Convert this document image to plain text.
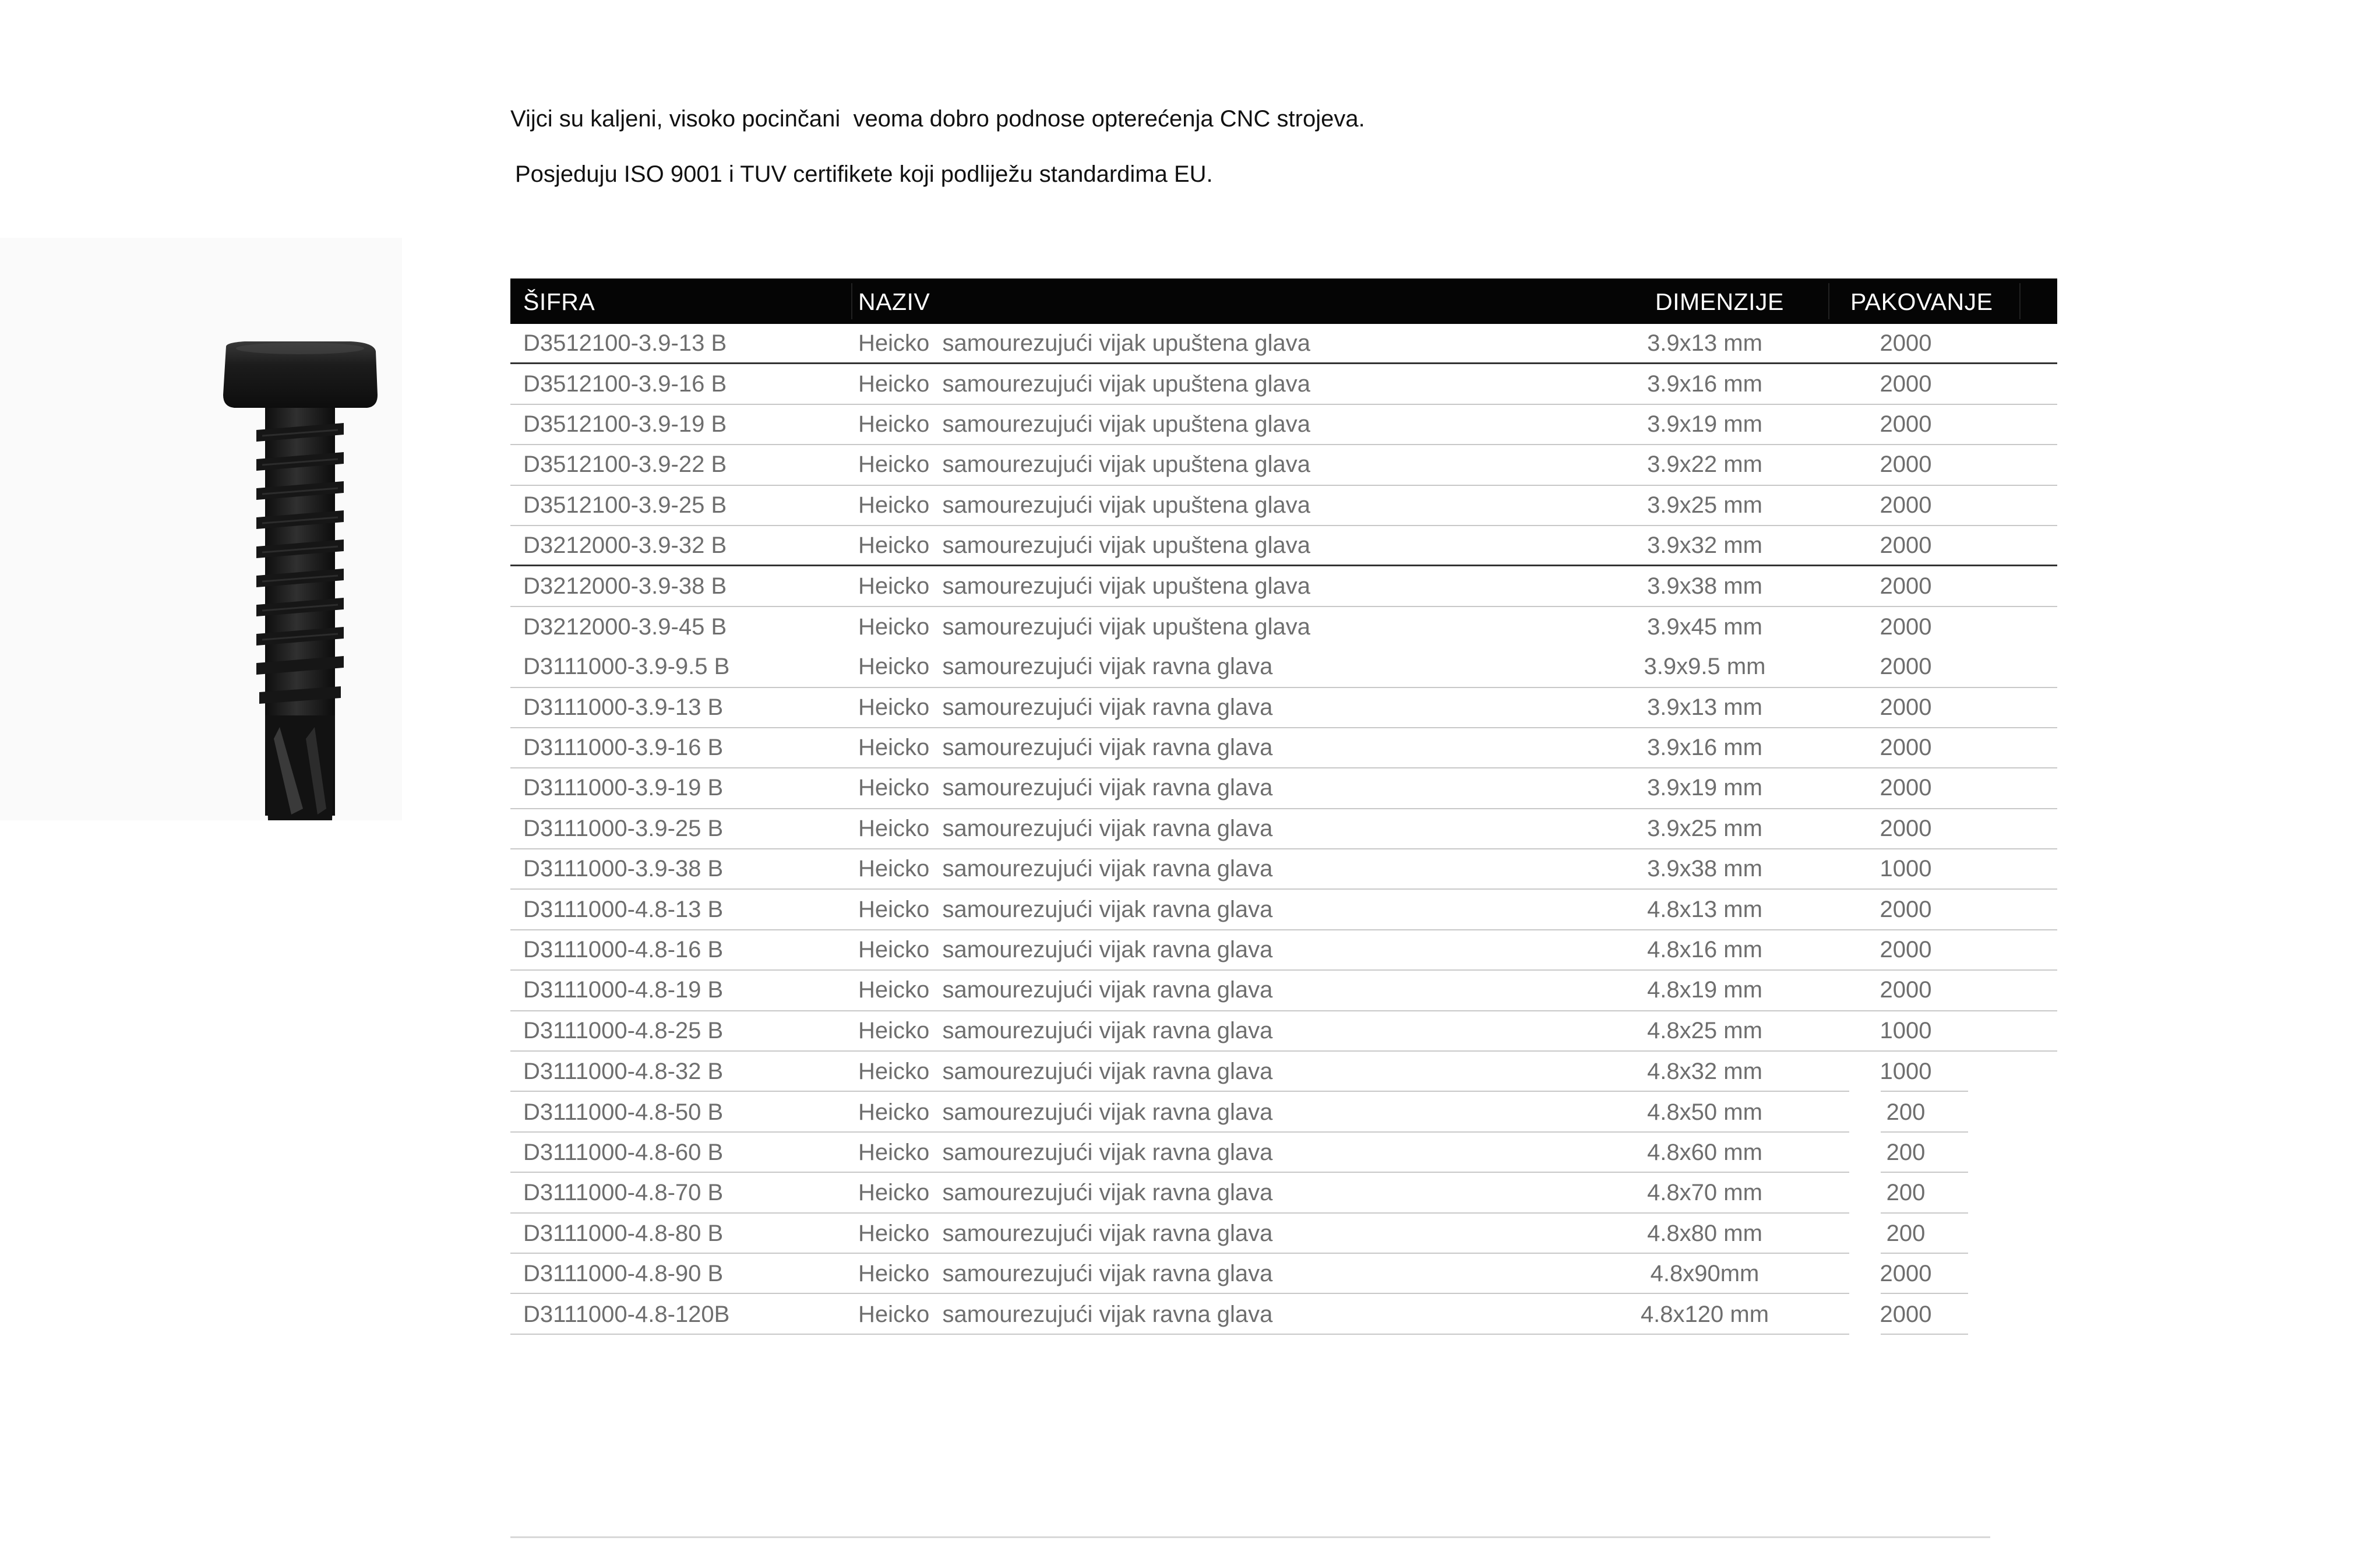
Vijci su kaljeni, visoko pocinčani  veoma dobro podnose opterećenja CNC strojeva.
Posjeduju ISO 9001 i TUV certifikete koji podliježu standardima EU.
ŠIFRA	NAZIV	DIMENZIJE	PAKOVANJE
D3512100-3.9-13 B	Heicko  samourezujući vijak upuštena glava	3.9x13 mm	2000
D3512100-3.9-16 B	Heicko  samourezujući vijak upuštena glava	3.9x16 mm	2000
D3512100-3.9-19 B	Heicko  samourezujući vijak upuštena glava	3.9x19 mm	2000
D3512100-3.9-22 B	Heicko  samourezujući vijak upuštena glava	3.9x22 mm	2000
D3512100-3.9-25 B	Heicko  samourezujući vijak upuštena glava	3.9x25 mm	2000
D3212000-3.9-32 B	Heicko  samourezujući vijak upuštena glava	3.9x32 mm	2000
D3212000-3.9-38 B	Heicko  samourezujući vijak upuštena glava	3.9x38 mm	2000
D3212000-3.9-45 B	Heicko  samourezujući vijak upuštena glava	3.9x45 mm	2000
D3111000-3.9-9.5 B	Heicko  samourezujući vijak ravna glava	3.9x9.5 mm	2000
D3111000-3.9-13 B	Heicko  samourezujući vijak ravna glava	3.9x13 mm	2000
D3111000-3.9-16 B	Heicko  samourezujući vijak ravna glava	3.9x16 mm	2000
D3111000-3.9-19 B	Heicko  samourezujući vijak ravna glava	3.9x19 mm	2000
D3111000-3.9-25 B	Heicko  samourezujući vijak ravna glava	3.9x25 mm	2000
D3111000-3.9-38 B	Heicko  samourezujući vijak ravna glava	3.9x38 mm	1000
D3111000-4.8-13 B	Heicko  samourezujući vijak ravna glava	4.8x13 mm	2000
D3111000-4.8-16 B	Heicko  samourezujući vijak ravna glava	4.8x16 mm	2000
D3111000-4.8-19 B	Heicko  samourezujući vijak ravna glava	4.8x19 mm	2000
D3111000-4.8-25 B	Heicko  samourezujući vijak ravna glava	4.8x25 mm	1000
D3111000-4.8-32 B	Heicko  samourezujući vijak ravna glava	4.8x32 mm	1000
D3111000-4.8-50 B	Heicko  samourezujući vijak ravna glava	4.8x50 mm	200
D3111000-4.8-60 B	Heicko  samourezujući vijak ravna glava	4.8x60 mm	200
D3111000-4.8-70 B	Heicko  samourezujući vijak ravna glava	4.8x70 mm	200
D3111000-4.8-80 B	Heicko  samourezujući vijak ravna glava	4.8x80 mm	200
D3111000-4.8-90 B	Heicko  samourezujući vijak ravna glava	4.8x90mm	2000
D3111000-4.8-120B	Heicko  samourezujući vijak ravna glava	4.8x120 mm	2000
